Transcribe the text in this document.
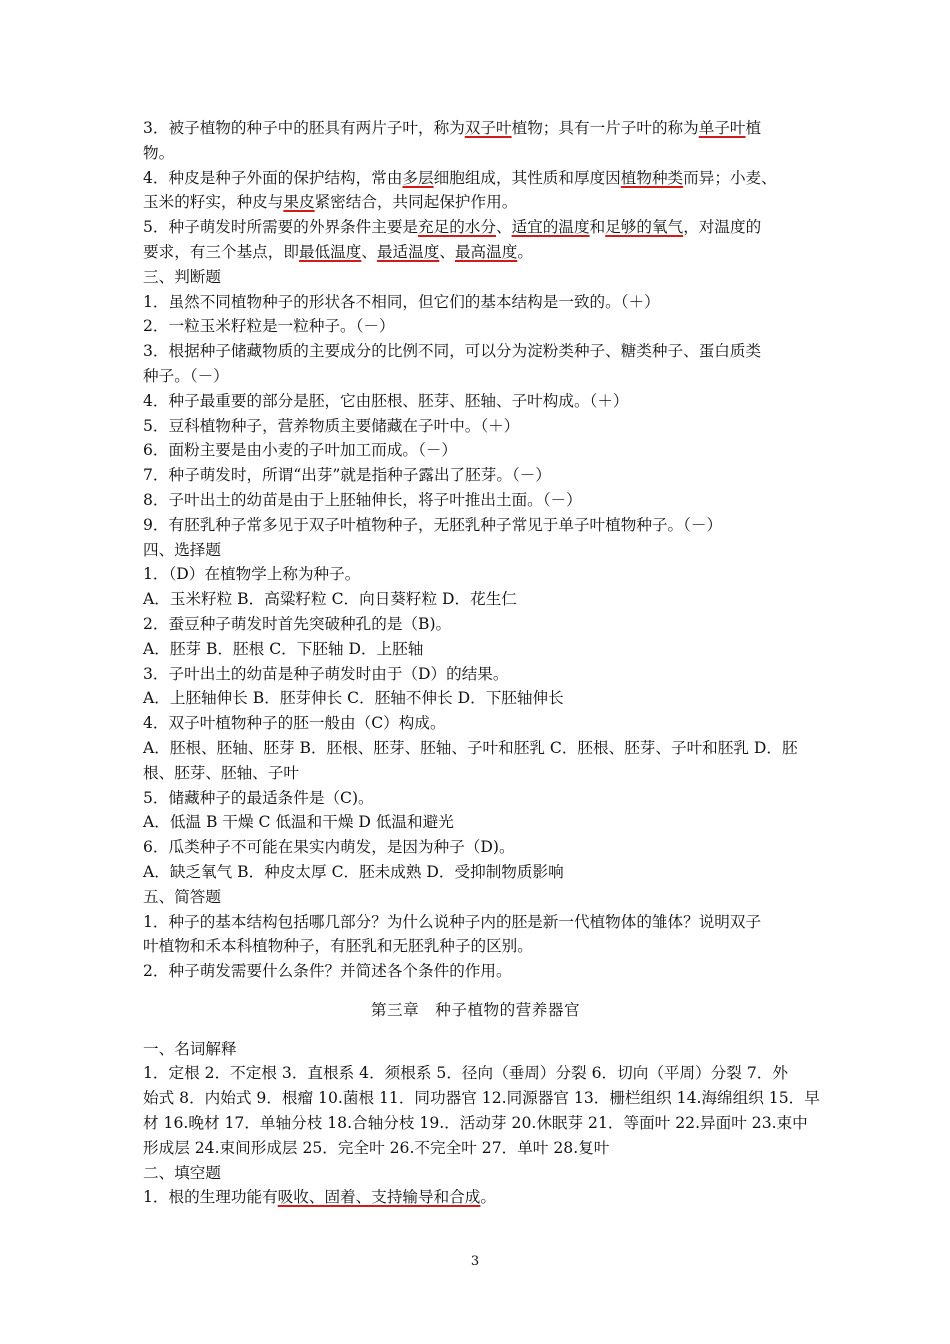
3．被子植物的种子中的胚具有两片子叶，称为双子叶植物；具有一片子叶的称为单子叶植
物。
4．种皮是种子外面的保护结构，常由多层细胞组成，其性质和厚度因植物种类而异；小麦、
玉米的籽实，种皮与果皮紧密结合，共同起保护作用。
5．种子萌发时所需要的外界条件主要是充足的水分、适宜的温度和足够的氧气，对温度的
要求，有三个基点，即最低温度、最适温度、最高温度。
三、判断题
1．虽然不同植物种子的形状各不相同，但它们的基本结构是一致的。（＋）
2．一粒玉米籽粒是一粒种子。（－）
3．根据种子储藏物质的主要成分的比例不同，可以分为淀粉类种子、糖类种子、蛋白质类
种子。（－）
4．种子最重要的部分是胚，它由胚根、胚芽、胚轴、子叶构成。（＋）
5．豆科植物种子，营养物质主要储藏在子叶中。（＋）
6．面粉主要是由小麦的子叶加工而成。（－）
7．种子萌发时，所谓“出芽”就是指种子露出了胚芽。（－）
8．子叶出土的幼苗是由于上胚轴伸长，将子叶推出土面。（－）
9．有胚乳种子常多见于双子叶植物种子，无胚乳种子常见于单子叶植物种子。（－）
四、选择题
1．（D）在植物学上称为种子。
A．玉米籽粒 B．高粱籽粒 C．向日葵籽粒 D．花生仁
2．蚕豆种子萌发时首先突破种孔的是（B)。
A．胚芽 B．胚根 C．下胚轴 D．上胚轴
3．子叶出土的幼苗是种子萌发时由于（D）的结果。
A．上胚轴伸长 B．胚芽伸长 C．胚轴不伸长 D．下胚轴伸长
4．双子叶植物种子的胚一般由（C）构成。
A．胚根、胚轴、胚芽 B．胚根、胚芽、胚轴、子叶和胚乳 C．胚根、胚芽、子叶和胚乳 D．胚
根、胚芽、胚轴、子叶
5．储藏种子的最适条件是（C)。
A．低温 B 干燥 C 低温和干燥 D 低温和避光
6．瓜类种子不可能在果实内萌发，是因为种子（D)。
A．缺乏氧气 B．种皮太厚 C．胚未成熟 D．受抑制物质影响
五、简答题
1．种子的基本结构包括哪几部分？为什么说种子内的胚是新一代植物体的雏体？说明双子
叶植物和禾本科植物种子，有胚乳和无胚乳种子的区别。
2．种子萌发需要什么条件？并简述各个条件的作用。
第三章　种子植物的营养器官
一、名词解释
1．定根 2．不定根 3．直根系 4．须根系 5．径向（垂周）分裂 6．切向（平周）分裂 7．外
始式 8．内始式 9．根瘤 10.菌根 11．同功器官 12.同源器官 13．栅栏组织 14.海绵组织 15．早
材 16.晚材 17．单轴分枝 18.合轴分枝 19.．活动芽 20.休眠芽 21．等面叶 22.异面叶 23.束中
形成层 24.束间形成层 25．完全叶 26.不完全叶 27．单叶 28.复叶
二、填空题
1．根的生理功能有吸收、固着、支持输导和合成。
3
